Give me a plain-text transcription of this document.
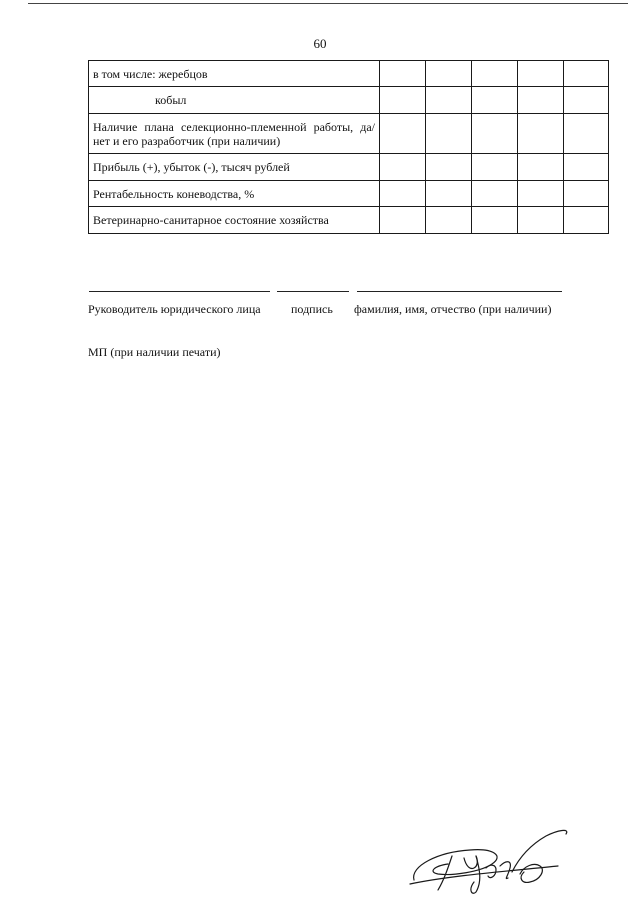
60
в том числе: жеребцов					
кобыл					
Наличие плана селекционно-племенной работы, да/нет и его разработчик (при наличии)					
Прибыль (+), убыток (-), тысяч рублей					
Рентабельность коневодства, %					
Ветеринарно-санитарное состояние хозяйства					
Руководитель юридического лица	подпись фамилия, имя, отчество (при наличии)
МП (при наличии печати)
